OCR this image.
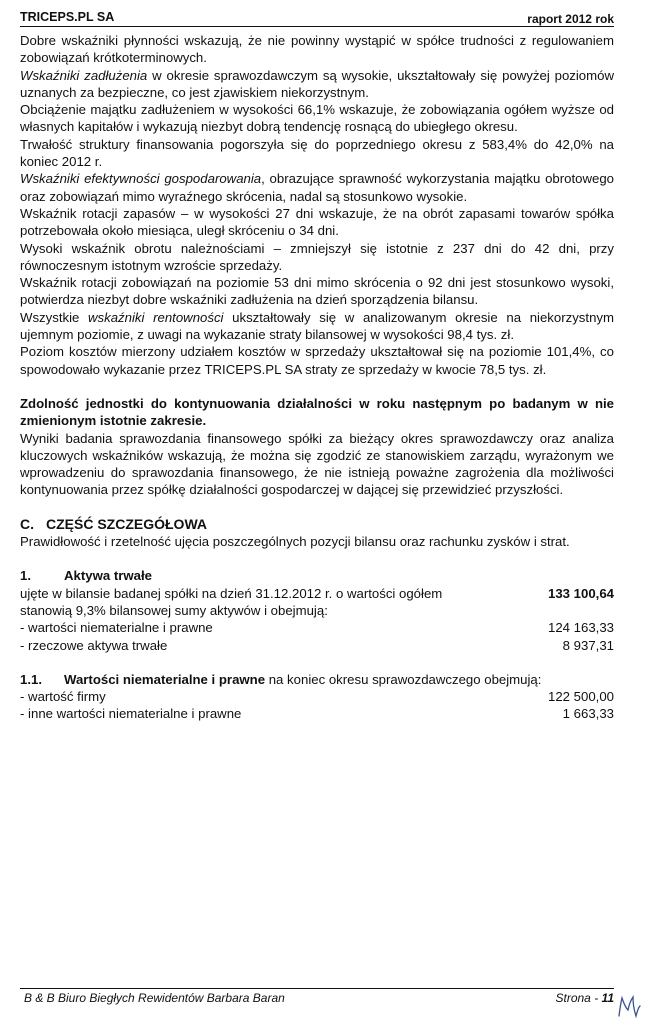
TRICEPS.PL SA	raport 2012 rok

Dobre wskaźniki płynności wskazują, że nie powinny wystąpić w spółce trudności z regulowaniem zobowiązań krótkoterminowych.

Wskaźniki zadłużenia w okresie sprawozdawczym są wysokie, ukształtowały się powyżej poziomów uznanych za bezpieczne, co jest zjawiskiem niekorzystnym.

Obciążenie majątku zadłużeniem w wysokości 66,1% wskazuje, że zobowiązania ogółem wyższe od własnych kapitałów i wykazują niezbyt dobrą tendencję rosnącą do ubiegłego okresu.

Trwałość struktury finansowania pogorszyła się do poprzedniego okresu z 583,4% do 42,0% na koniec 2012 r.

Wskaźniki efektywności gospodarowania, obrazujące sprawność wykorzystania majątku obrotowego oraz zobowiązań mimo wyraźnego skrócenia, nadal są stosunkowo wysokie.

Wskaźnik rotacji zapasów – w wysokości 27 dni wskazuje, że na obrót zapasami towarów spółka potrzebowała około miesiąca, uległ skróceniu o 34 dni.

Wysoki wskaźnik obrotu należnościami – zmniejszył się istotnie z 237 dni do 42 dni, przy równoczesnym istotnym wzroście sprzedaży.

Wskaźnik rotacji zobowiązań na poziomie 53 dni mimo skrócenia o 92 dni jest stosunkowo wysoki, potwierdza niezbyt dobre wskaźniki zadłużenia na dzień sporządzenia bilansu.

Wszystkie wskaźniki rentowności ukształtowały się w analizowanym okresie na niekorzystnym ujemnym poziomie, z uwagi na wykazanie straty bilansowej w wysokości 98,4 tys. zł.

Poziom kosztów mierzony udziałem kosztów w sprzedaży ukształtował się na poziomie 101,4%, co spowodowało wykazanie przez TRICEPS.PL SA straty ze sprzedaży w kwocie 78,5 tys. zł.

Zdolność jednostki do kontynuowania działalności w roku następnym po badanym w nie zmienionym istotnie zakresie.

Wyniki badania sprawozdania finansowego spółki za bieżący okres sprawozdawczy oraz analiza kluczowych wskaźników wskazują, że można się zgodzić ze stanowiskiem zarządu, wyrażonym we wprowadzeniu do sprawozdania finansowego, że nie istnieją poważne zagrożenia dla możliwości kontynuowania przez spółkę działalności gospodarczej w dającej się przewidzieć przyszłości.

C. CZĘŚĆ SZCZEGÓŁOWA

Prawidłowość i rzetelność ujęcia poszczególnych pozycji bilansu oraz rachunku zysków i strat.

1.	Aktywa trwałe

ujęte w bilansie badanej spółki na dzień 31.12.2012 r. o wartości ogółem	133 100,64

stanowią 9,3% bilansowej sumy aktywów i obejmują:

- wartości niematerialne i prawne	124 163,33
- rzeczowe aktywa trwałe	8 937,31

1.1. Wartości niematerialne i prawne na koniec okresu sprawozdawczego obejmują:

- wartość firmy	122 500,00
- inne wartości niematerialne i prawne	1 663,33
B & B Biuro Biegłych Rewidentów Barbara Baran	Strona - 11
